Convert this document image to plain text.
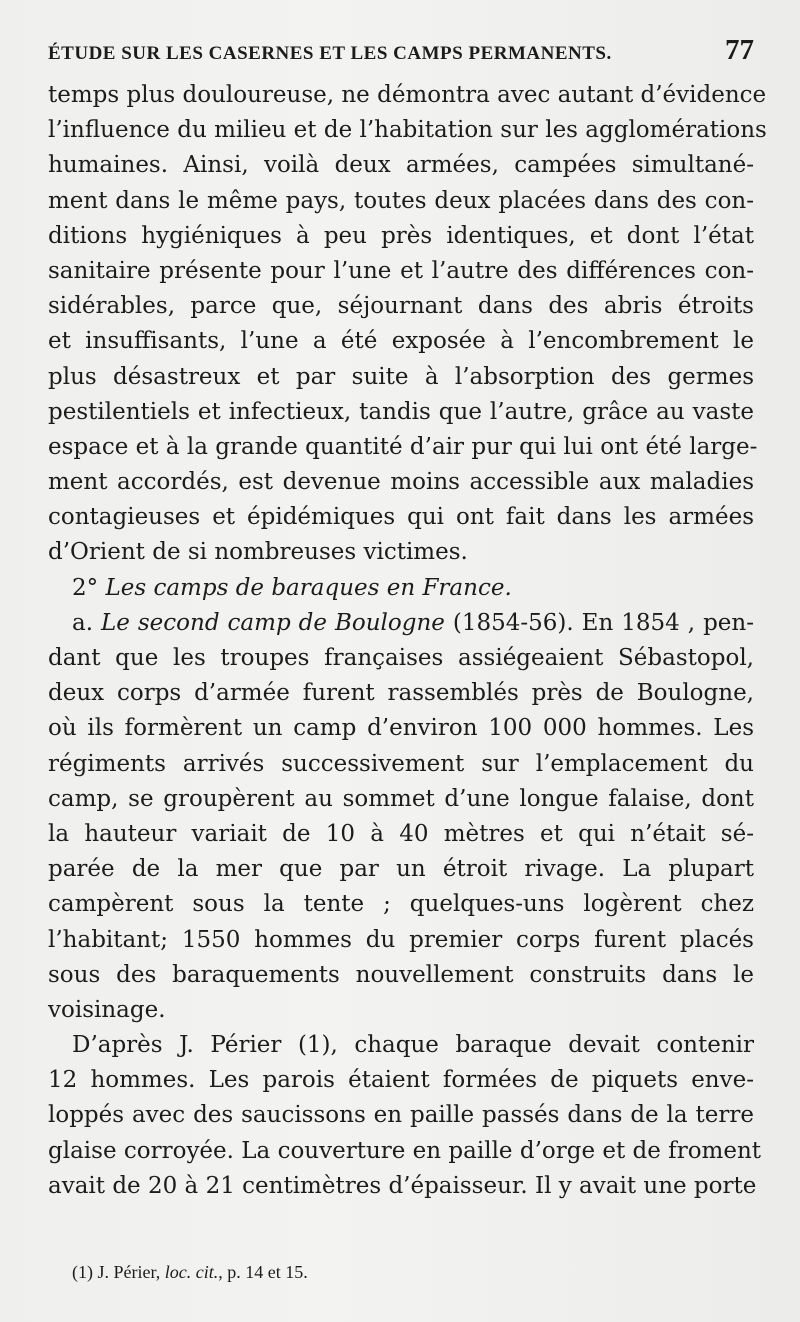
ÉTUDE SUR LES CASERNES ET LES CAMPS PERMANENTS.	77
temps plus douloureuse, ne démontra avec autant d’évidence
l’influence du milieu et de l’habitation sur les agglomérations
humaines. Ainsi, voilà deux armées, campées simultané-
ment dans le même pays, toutes deux placées dans des con-
ditions hygiéniques à peu près identiques, et dont l’état
sanitaire présente pour l’une et l’autre des différences con-
sidérables, parce que, séjournant dans des abris étroits
et insuffisants, l’une a été exposée à l’encombrement le
plus désastreux et par suite à l’absorption des germes
pestilentiels et infectieux, tandis que l’autre, grâce au vaste
espace et à la grande quantité d’air pur qui lui ont été large-
ment accordés, est devenue moins accessible aux maladies
contagieuses et épidémiques qui ont fait dans les armées
d’Orient de si nombreuses victimes.
2° Les camps de baraques en France.
a. Le second camp de Boulogne (1854-56). En 1854 , pen-
dant que les troupes françaises assiégeaient Sébastopol,
deux corps d’armée furent rassemblés près de Boulogne,
où ils formèrent un camp d’environ 100 000 hommes. Les
régiments arrivés successivement sur l’emplacement du
camp, se groupèrent au sommet d’une longue falaise, dont
la hauteur variait de 10 à 40 mètres et qui n’était sé-
parée de la mer que par un étroit rivage. La plupart
campèrent sous la tente ; quelques-uns logèrent chez
l’habitant; 1550 hommes du premier corps furent placés
sous des baraquements nouvellement construits dans le
voisinage.
D’après J. Périer (1), chaque baraque devait contenir
12 hommes. Les parois étaient formées de piquets enve-
loppés avec des saucissons en paille passés dans de la terre
glaise corroyée. La couverture en paille d’orge et de froment
avait de 20 à 21 centimètres d’épaisseur. Il y avait une porte
(1) J. Périer, loc. cit., p. 14 et 15.
